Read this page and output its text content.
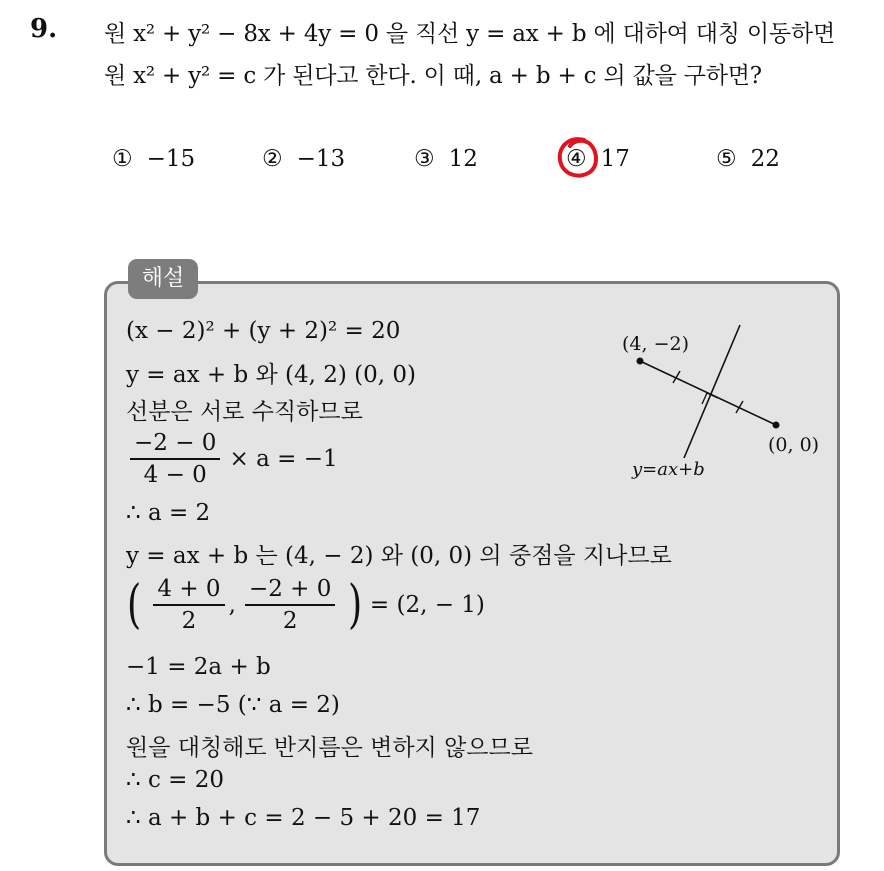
9. 원 x² + y² − 8x + 4y = 0 을 직선 y = ax + b 에 대하여 대칭 이동하면
원 x² + y² = c 가 된다고 한다. 이 때, a + b + c 의 값을 구하면?
① −15	② −13	③ 12	④ 17	⑤ 22
해설
(x − 2)² + (y + 2)² = 20
y = ax + b 와 (4, 2) (0, 0)
선분은 서로 수직하므로
$\frac{-2 - 0}{4 - 0} \times a = -1$
∴ a = 2
y = ax + b 는 (4, − 2) 와 (0, 0) 의 중점을 지나므로
( $\frac{4 + 0}{2}$ , $\frac{-2 + 0}{2}$ ) = (2, − 1)
−1 = 2a + b
∴ b = −5 (∵ a = 2)
원을 대칭해도 반지름은 변하지 않으므로
∴ c = 20
∴ a + b + c = 2 − 5 + 20 = 17
(4, −2)
(0, 0)
y=ax+b
